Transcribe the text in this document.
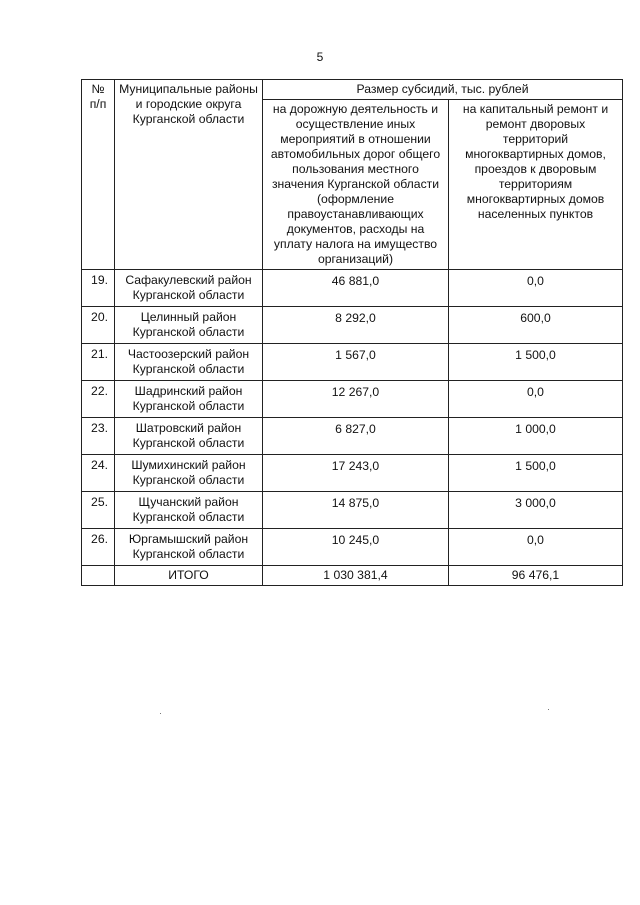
5
№ п/п	Муниципальные районы и городские округа Курганской области	Размер субсидий, тыс. рублей	
		на дорожную деятельность и осуществление иных мероприятий в отношении автомобильных дорог общего пользования местного значения Курганской области (оформление правоустанавливающих документов, расходы на уплату налога на имущество организаций)	на капитальный ремонт и ремонт дворовых территорий многоквартирных домов, проездов к дворовым территориям многоквартирных домов населенных пунктов
19.	Сафакулевский район Курганской области	46 881,0	0,0
20.	Целинный район Курганской области	8 292,0	600,0
21.	Частоозерский район Курганской области	1 567,0	1 500,0
22.	Шадринский район Курганской области	12 267,0	0,0
23.	Шатровский район Курганской области	6 827,0	1 000,0
24.	Шумихинский район Курганской области	17 243,0	1 500,0
25.	Щучанский район Курганской области	14 875,0	3 000,0
26.	Юргамышский район Курганской области	10 245,0	0,0
	ИТОГО	1 030 381,4	96 476,1
